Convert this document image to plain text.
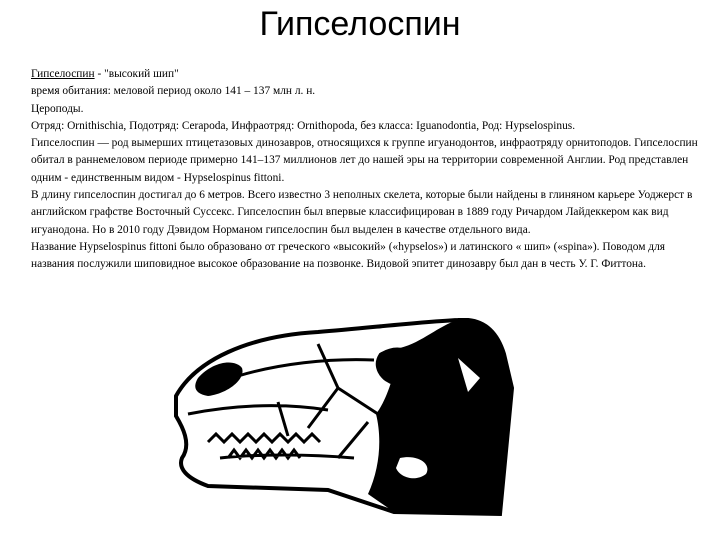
Гипселоспин

Гипселоспин - "высокий шип"

время обитания: меловой период около 141 – 137 млн л. н.

Цероподы.

Отряд: Ornithischia, Подотряд: Cerapoda, Инфраотряд: Ornithopoda, без класса: Iguanodontia, Род: Hypselospinus.

Гипселоспин — род вымерших птицетазовых динозавров, относящихся к группе игуанодонтов, инфраотряду орнитоподов. Гипселоспин обитал в раннемеловом периоде примерно 141–137 миллионов лет до нашей эры на территории современной Англии. Род представлен одним - единственным видом - Hypselospinus fittoni.

В длину гипселоспин достигал до 6 метров. Всего известно 3 неполных скелета, которые были найдены в глиняном карьере Уоджерст в английском графстве Восточный Суссекс. Гипселоспин был впервые классифицирован в 1889 году Ричардом Лайдеккером как вид игуанодона. Но в 2010 году Дэвидом Норманом гипселоспин был выделен в качестве отдельного вида.

Название Hypselospinus fittoni было образовано от греческого «высокий» («hypselos») и латинского « шип» («spina»). Поводом для названия послужили шиповидное высокое образование на позвонке. Видовой эпитет динозавру был дан в честь У. Г. Фиттона.
